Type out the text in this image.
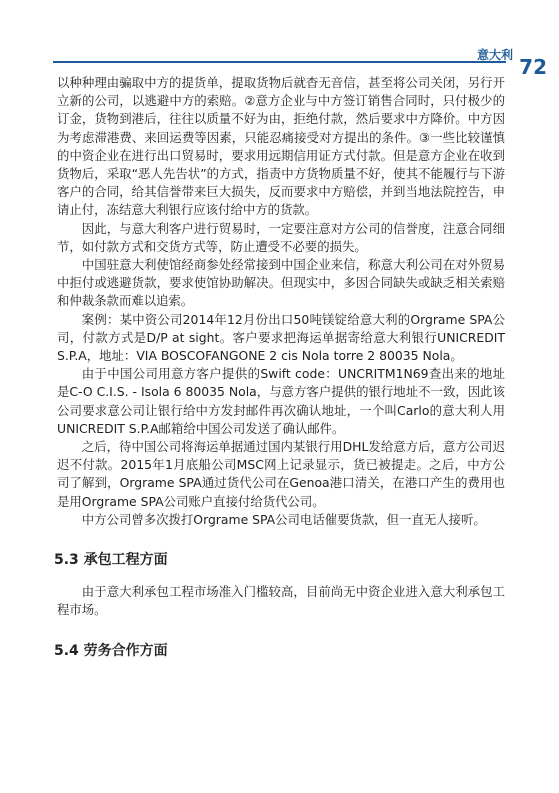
意大利 72

以种种理由骗取中方的提货单，提取货物后就杳无音信，甚至将公司关闭，另行开立新的公司，以逃避中方的索赔。②意方企业与中方签订销售合同时，只付极少的订金，货物到港后，往往以质量不好为由，拒绝付款，然后要求中方降价。中方因为考虑滞港费、来回运费等因素，只能忍痛接受对方提出的条件。③一些比较谨慎的中资企业在进行出口贸易时，要求用远期信用证方式付款。但是意方企业在收到货物后，采取“恶人先告状”的方式，指责中方货物质量不好，使其不能履行与下游客户的合同，给其信誉带来巨大损失，反而要求中方赔偿，并到当地法院控告，申请止付，冻结意大利银行应该付给中方的货款。

因此，与意大利客户进行贸易时，一定要注意对方公司的信誉度，注意合同细节，如付款方式和交货方式等，防止遭受不必要的损失。

中国驻意大利使馆经商参处经常接到中国企业来信，称意大利公司在对外贸易中拒付或逃避货款，要求使馆协助解决。但现实中，多因合同缺失或缺乏相关索赔和仲裁条款而难以追索。

案例：某中资公司2014年12月份出口50吨镁锭给意大利的Orgrame SPA公司，付款方式是D/P at sight。客户要求把海运单据寄给意大利银行UNICREDIT S.P.A，地址：VIA BOSCOFANGONE 2 cis Nola torre 2 80035 Nola。

由于中国公司用意方客户提供的Swift code：UNCRITM1N69查出来的地址是C-O C.I.S. - Isola 6 80035 Nola，与意方客户提供的银行地址不一致，因此该公司要求意公司让银行给中方发封邮件再次确认地址，一个叫Carlo的意大利人用UNICREDIT S.P.A邮箱给中国公司发送了确认邮件。

之后，待中国公司将海运单据通过国内某银行用DHL发给意方后，意方公司迟迟不付款。2015年1月底船公司MSC网上记录显示，货已被提走。之后，中方公司了解到，Orgrame SPA通过货代公司在Genoa港口清关，在港口产生的费用也是用Orgrame SPA公司账户直接付给货代公司。

中方公司曾多次拨打Orgrame SPA公司电话催要货款，但一直无人接听。

5.3 承包工程方面

由于意大利承包工程市场准入门槛较高，目前尚无中资企业进入意大利承包工程市场。

5.4 劳务合作方面
